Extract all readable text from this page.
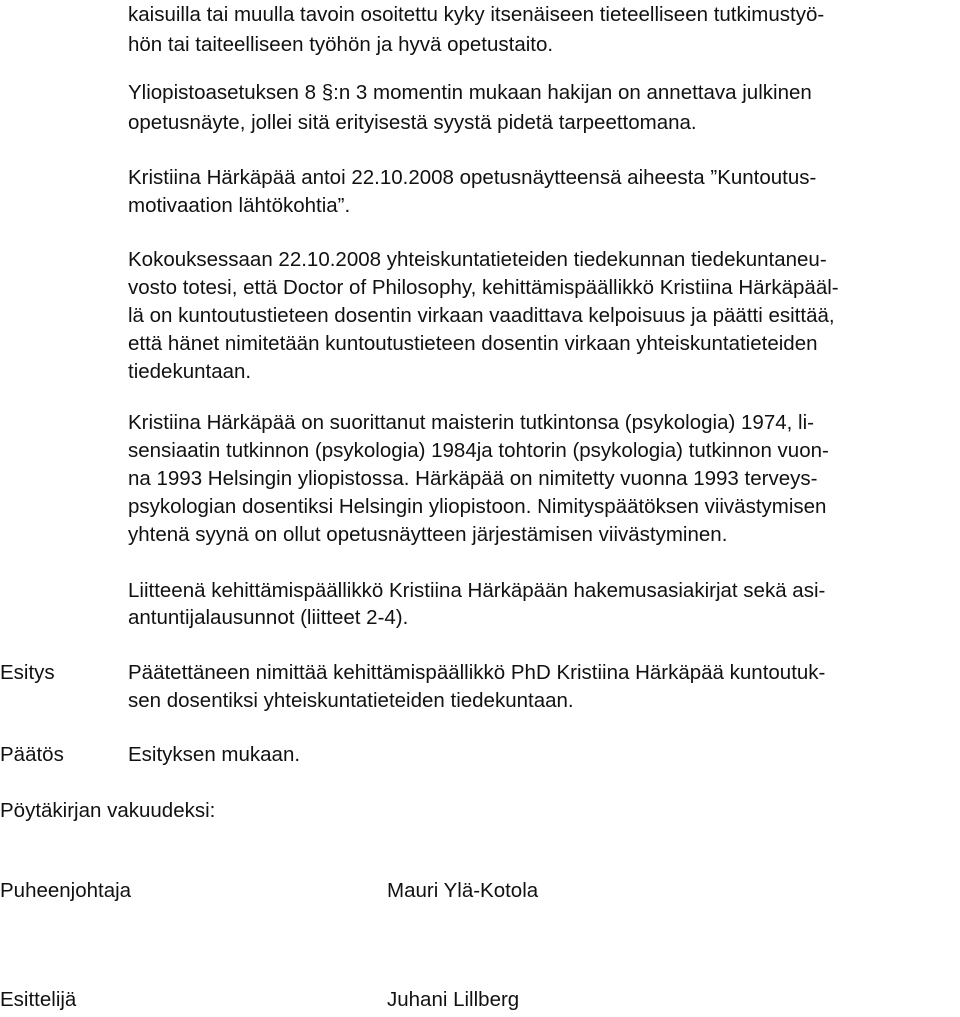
kaisuilla tai muulla tavoin osoitettu kyky itsenäiseen tieteelliseen tutkimustyö-

hön tai taiteelliseen työhön ja hyvä opetustaito.

Yliopistoasetuksen 8 §:n 3 momentin mukaan hakijan on annettava julkinen

opetusnäyte, jollei sitä erityisestä syystä pidetä tarpeettomana.

Kristiina Härkäpää antoi 22.10.2008 opetusnäytteensä aiheesta ”Kuntoutus-

motivaation lähtökohtia”.

Kokouksessaan 22.10.2008 yhteiskuntatieteiden tiedekunnan tiedekuntaneu-

vosto totesi, että Doctor of Philosophy, kehittämispäällikkö Kristiina Härkäpääl-

lä on kuntoutustieteen dosentin virkaan vaadittava kelpoisuus ja päätti esittää,

että hänet nimitetään kuntoutustieteen dosentin virkaan yhteiskuntatieteiden

tiedekuntaan.

Kristiina Härkäpää on suorittanut maisterin tutkintonsa (psykologia) 1974, li-

sensiaatin tutkinnon (psykologia) 1984ja tohtorin (psykologia) tutkinnon vuon-

na 1993 Helsingin yliopistossa. Härkäpää on nimitetty vuonna 1993 terveys-

psykologian dosentiksi Helsingin yliopistoon. Nimityspäätöksen viivästymisen

yhtenä syynä on ollut opetusnäytteen järjestämisen viivästyminen.

Liitteenä kehittämispäällikkö Kristiina Härkäpään hakemusasiakirjat sekä asi-

antuntijalausunnot (liitteet 2-4).

Esitys	Päätettäneen nimittää kehittämispäällikkö PhD Kristiina Härkäpää kuntoutuk-

sen dosentiksi yhteiskuntatieteiden tiedekuntaan.

Päätös	Esityksen mukaan.

Pöytäkirjan vakuudeksi:

Puheenjohtaja	Mauri Ylä-Kotola

Esittelijä	Juhani Lillberg
